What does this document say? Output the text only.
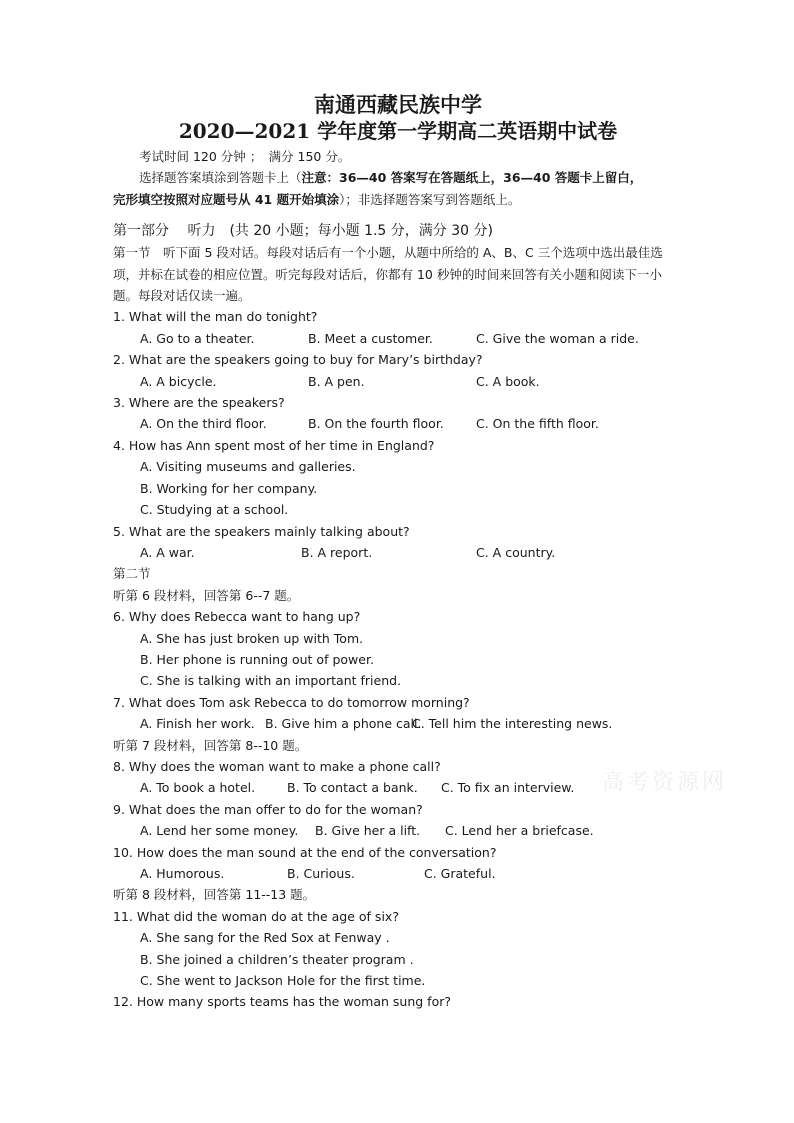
南通西藏民族中学
2020—2021 学年度第一学期高二英语期中试卷
考试时间 120 分钟 ；　满分 150 分。
选择题答案填涂到答题卡上（注意：36—40 答案写在答题纸上，36—40 答题卡上留白，
完形填空按照对应题号从 41 题开始填涂）；非选择题答案写到答题纸上。
第一部分　 听力　(共 20 小题；每小题 1.5 分，满分 30 分)
第一节　听下面 5 段对话。每段对话后有一个小题，从题中所给的 A、B、C 三个选项中选出最佳选项，并标在试卷的相应位置。听完每段对话后，你都有 10 秒钟的时间来回答有关小题和阅读下一小题。每段对话仅读一遍。
1. What will the man do tonight?
A. Go to a theater.	B. Meet a customer.	C. Give the woman a ride.
2. What are the speakers going to buy for Mary’s birthday?
A. A bicycle.	B. A pen.	C. A book.
3. Where are the speakers?
A. On the third floor.	B. On the fourth floor.	C. On the fifth floor.
4. How has Ann spent most of her time in England?
A. Visiting museums and galleries.
B. Working for her company.
C. Studying at a school.
5. What are the speakers mainly talking about?
A. A war.	B. A report.	C. A country.
第二节
听第 6 段材料，回答第 6--7 题。
6. Why does Rebecca want to hang up?
A. She has just broken up with Tom.
B. Her phone is running out of power.
C. She is talking with an important friend.
7. What does Tom ask Rebecca to do tomorrow morning?
A. Finish her work. B. Give him a phone call.
C. Tell him the interesting news.
听第 7 段材料，回答第 8--10 题。
8. Why does the woman want to make a phone call?
A. To book a hotel.	B. To contact a bank.	C. To fix an interview.
9. What does the man offer to do for the woman?
A. Lend her some money.	B. Give her a lift.	C. Lend her a briefcase.
10. How does the man sound at the end of the conversation?
A. Humorous.	B. Curious.	C. Grateful.
听第 8 段材料，回答第 11--13 题。
11. What did the woman do at the age of six?
A. She sang for the Red Sox at Fenway .
B. She joined a children’s theater program .
C. She went to Jackson Hole for the first time.
12. How many sports teams has the woman sung for?
高考资源网
